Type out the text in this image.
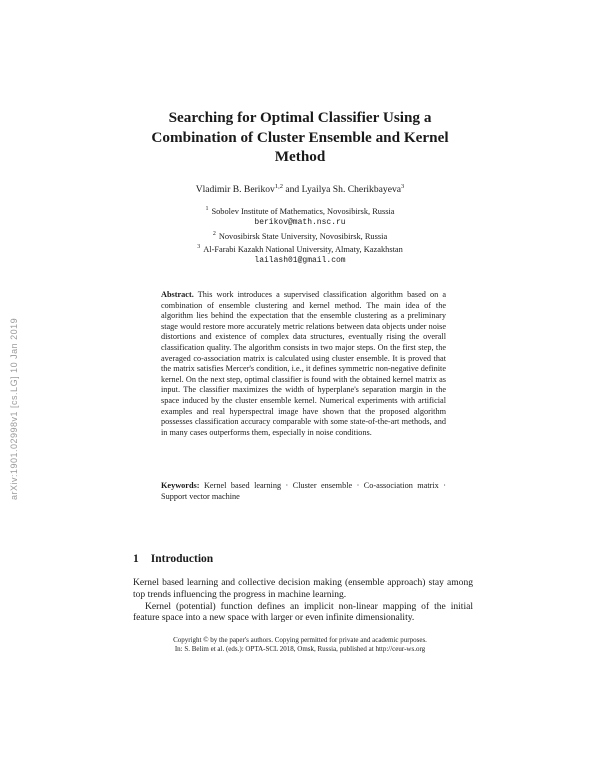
arXiv:1901.02998v1 [cs.LG] 10 Jan 2019
Searching for Optimal Classifier Using a
Combination of Cluster Ensemble and Kernel
Method
Vladimir B. Berikov$^{1,2}$ and Lyailya Sh. Cherikbayeva$^3$
$^1$ Sobolev Institute of Mathematics, Novosibirsk, Russia
berikov@math.nsc.ru
$^2$ Novosibirsk State University, Novosibirsk, Russia
$^3$ Al-Farabi Kazakh National University, Almaty, Kazakhstan
lailash01@gmail.com
Abstract. This work introduces a supervised classification algorithm based on a combination of ensemble clustering and kernel method. The main idea of the algorithm lies behind the expectation that the ensemble clustering as a preliminary stage would restore more accurately metric relations between data objects under noise distortions and existence of complex data structures, eventually rising the overall classification quality. The algorithm consists in two major steps. On the first step, the averaged co-association matrix is calculated using cluster ensemble. It is proved that the matrix satisfies Mercer's condition, i.e., it defines symmetric non-negative definite kernel. On the next step, optimal classifier is found with the obtained kernel matrix as input. The classifier maximizes the width of hyperplane's separation margin in the space induced by the cluster ensemble kernel. Numerical experiments with artificial examples and real hyperspectral image have shown that the proposed algorithm possesses classification accuracy comparable with some state-of-the-art methods, and in many cases outperforms them, especially in noise conditions.
Keywords: Kernel based learning · Cluster ensemble · Co-association matrix · Support vector machine
1 Introduction

Kernel based learning and collective decision making (ensemble approach) stay among top trends influencing the progress in machine learning.

Kernel (potential) function defines an implicit non-linear mapping of the initial feature space into a new space with larger or even infinite dimensionality.

Copyright © by the paper's authors. Copying permitted for private and academic purposes.
In: S. Belim et al. (eds.): OPTA-SCL 2018, Omsk, Russia, published at http://ceur-ws.org
